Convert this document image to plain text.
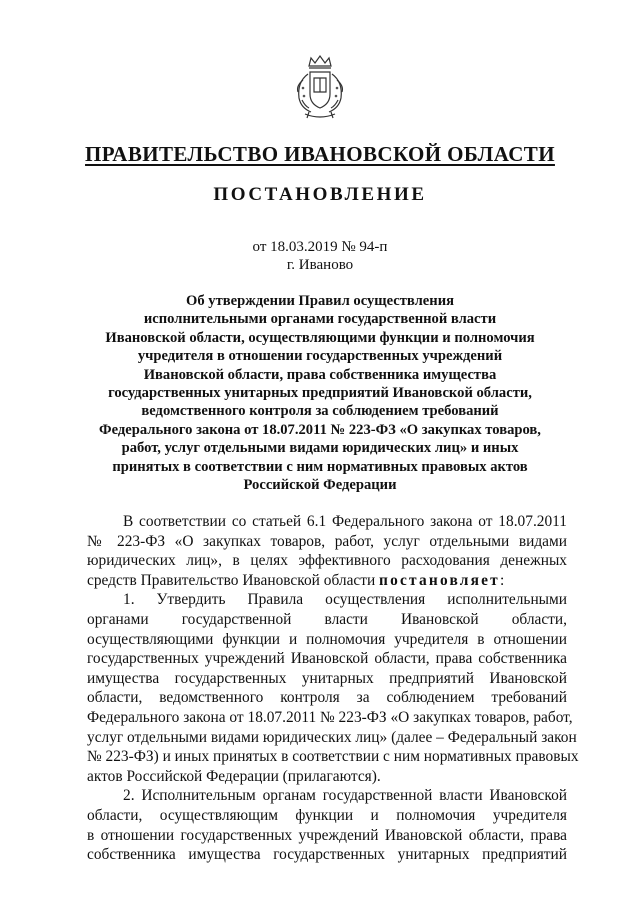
ПРАВИТЕЛЬСТВО ИВАНОВСКОЙ ОБЛАСТИ
ПОСТАНОВЛЕНИЕ
от 18.03.2019 № 94-п
г. Иваново
Об утверждении Правил осуществления
исполнительными органами государственной власти
Ивановской области, осуществляющими функции и полномочия
учредителя в отношении государственных учреждений
Ивановской области, права собственника имущества
государственных унитарных предприятий Ивановской области,
ведомственного контроля за соблюдением требований
Федерального закона от 18.07.2011 № 223-ФЗ «О закупках товаров,
работ, услуг отдельными видами юридических лиц» и иных
принятых в соответствии с ним нормативных правовых актов
Российской Федерации
В соответствии со статьей 6.1 Федерального закона от 18.07.2011
№ 223-ФЗ «О закупках товаров, работ, услуг отдельными видами
юридических лиц», в целях эффективного расходования денежных
средств Правительство Ивановской области постановляет:
1. Утвердить Правила осуществления исполнительными
органами государственной власти Ивановской области,
осуществляющими функции и полномочия учредителя в отношении
государственных учреждений Ивановской области, права собственника
имущества государственных унитарных предприятий Ивановской
области, ведомственного контроля за соблюдением требований
Федерального закона от 18.07.2011 № 223-ФЗ «О закупках товаров, работ,
услуг отдельными видами юридических лиц» (далее – Федеральный закон
№ 223-ФЗ) и иных принятых в соответствии с ним нормативных правовых
актов Российской Федерации (прилагаются).
2. Исполнительным органам государственной власти Ивановской
области, осуществляющим функции и полномочия учредителя
в отношении государственных учреждений Ивановской области, права
собственника имущества государственных унитарных предприятий
